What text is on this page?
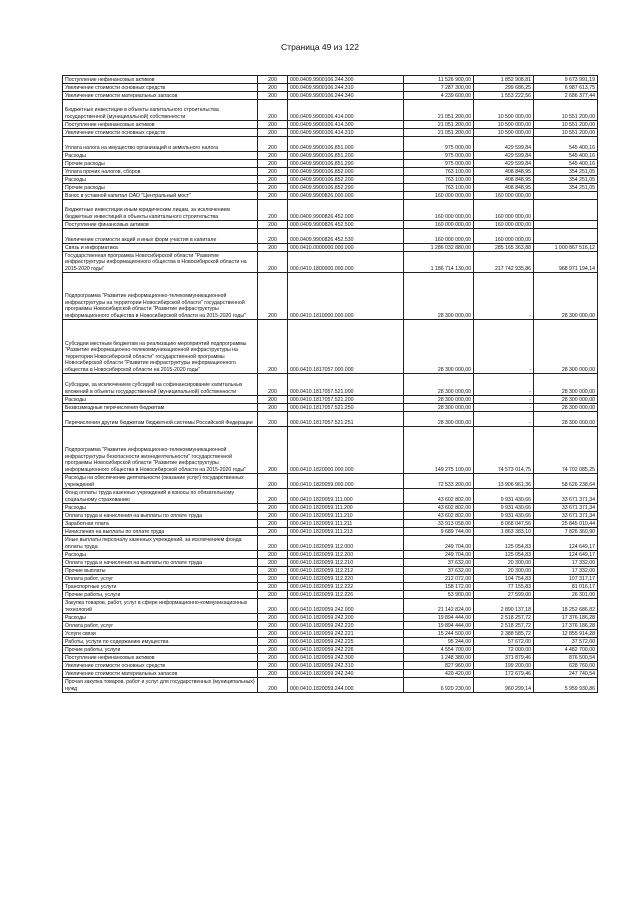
Страница 49 из 122
Поступление нефинансовых активов	200	000.0409.9900106.244.300	11 526 900,00	1 852 908,81	9 673 991,19
Увеличение стоимости основных средств	200	000.0409.9900106.244.310	7 287 300,00	299 686,25	6 987 613,75
Увеличение стоимости материальных запасов	200	000.0409.9900106.244.340	4 239 600,00	1 553 222,56	2 686 377,44
Бюджетные инвестиции в объекты капитального строительства государственной (муниципальной) собственности	200	000.0409.9900106.414.000	21 051 200,00	10 500 000,00	10 551 200,00
Поступление нефинансовых активов	200	000.0409.9900106.414.300	21 051 200,00	10 500 000,00	10 551 200,00
Увеличение стоимости основных средств	200	000.0409.9900106.414.310	21 051 200,00	10 500 000,00	10 551 200,00
Уплата налога на имущество организаций и земельного налога	200	000.0409.9900106.851.000	975 000,00	429 599,84	545 400,16
Расходы	200	000.0409.9900106.851.200	975 000,00	429 599,84	545 400,16
Прочие расходы	200	000.0409.9900106.851.290	975 000,00	429 599,84	545 400,16
Уплата прочих налогов, сборов	200	000.0409.9900106.852.000	763 100,00	408 848,95	354 251,05
Расходы	200	000.0409.9900106.852.200	763 100,00	408 848,95	354 251,05
Прочие расходы	200	000.0409.9900106.852.290	763 100,00	408 848,95	354 251,05
Взнос в уставной капитал ОАО "Центральный мост"	200	000.0409.9900826.000.000	160 000 000,00	160 000 000,00	
Бюджетные инвестиции иным юридическим лицам, за исключением бюджетных инвестиций в объекты капитального строительства	200	000.0409.9900826.452.000	160 000 000,00	160 000 000,00	
Поступление финансовых активов	200	000.0409.9900826.452.500	160 000 000,00	160 000 000,00	
Увеличение стоимости акций и иных форм участия в капитале	200	000.0409.9900826.452.530	160 000 000,00	160 000 000,00	
Связь и информатика	200	000.0410.0000000.000.000	1 286 032 880,00	285 165 363,88	1 000 867 516,12
Государственная программа Новосибирской области "Развитие инфраструктуры информационного общества в Новосибирской области на 2015-2020 годы"	200	000.0410.1800000.000.000	1 186 714 130,00	217 742 935,86	968 971 194,14
Подпрограмма "Развитие информационно-телекоммуникационной инфраструктуры на территории Новосибирской области" государственной программы Новосибирской области "Развитие инфраструктуры информационного общества в Новосибирской области на 2015-2020 годы"	200	000.0410.1810000.000.000	28 300 000,00	-	28 300 000,00
Субсидии местным бюджетам на реализацию мероприятий подпрограммы "Развитие информационно-телекоммуникационной инфраструктуры на территории Новосибирской области" государственной программы Новосибирской области "Развитие инфраструктуры информационного общества в Новосибирской области на 2015-2020 годы"	200	000.0410.1817057.000.000	28 300 000,00	-	28 300 000,00
Субсидии, за исключением субсидий на софинансирование капитальных вложений в объекты государственной (муниципальной) собственности	200	000.0410.1817057.521.000	28 300 000,00	-	28 300 000,00
Расходы	200	000.0410.1817057.521.200	28 300 000,00	-	28 300 000,00
Безвозмездные перечисления бюджетам	200	000.0410.1817057.521.250	28 300 000,00	-	28 300 000,00
Перечисления другим бюджетам бюджетной системы Российской Федерации	200	000.0410.1817057.521.251	28 300 000,00	-	28 300 000,00
Подпрограмма "Развитие информационно-телекоммуникационной инфраструктуры безопасности жизнедеятельности" государственной программы Новосибирской области "Развитие инфраструктуры информационного общества в Новосибирской области на 2015-2020 годы"	200	000.0410.1820000.000.000	149 275 100,00	74 573 014,75	74 702 085,25
Расходы на обеспечение деятельности (оказание услуг) государственных учреждений	200	000.0410.1820059.000.000	72 533 200,00	13 906 961,36	58 626 238,64
Фонд оплаты труда казенных учреждений и взносы по обязательному социальному страхованию	200	000.0410.1820059.111.000	43 602 802,00	9 931 430,66	33 671 371,34
Расходы	200	000.0410.1820059.111.200	43 602 802,00	9 931 430,66	33 671 371,34
Оплата труда и начисления на выплаты по оплате труда	200	000.0410.1820059.111.210	43 602 802,00	9 931 430,66	33 671 371,34
Заработная плата	200	000.0410.1820059.111.211	33 913 058,00	8 068 047,56	25 845 010,44
Начисления на выплаты по оплате труда	200	000.0410.1820059.111.213	9 689 744,00	1 863 383,10	7 826 360,90
Иные выплаты персоналу казенных учреждений, за исключением фонда оплаты труда	200	000.0410.1820059.112.000	249 704,00	125 054,83	124 649,17
Расходы	200	000.0410.1820059.112.200	249 704,00	125 054,83	124 649,17
Оплата труда и начисления на выплаты по оплате труда	200	000.0410.1820059.112.210	37 632,00	20 300,00	17 332,00
Прочие выплаты	200	000.0410.1820059.112.212	37 632,00	20 300,00	17 332,00
Оплата работ, услуг	200	000.0410.1820059.112.220	212 072,00	104 754,83	107 317,17
Транспортные услуги	200	000.0410.1820059.112.222	158 172,00	77 155,83	81 016,17
Прочие работы, услуги	200	000.0410.1820059.112.226	53 900,00	27 599,00	26 301,00
Закупка товаров, работ, услуг в сфере информационно-коммуникационных технологий	200	000.0410.1820059.242.000	21 142 824,00	2 890 137,18	18 252 686,82
Расходы	200	000.0410.1820059.242.200	19 894 444,00	2 518 257,72	17 376 186,28
Оплата работ, услуг	200	000.0410.1820059.242.220	19 894 444,00	2 518 257,72	17 376 186,28
Услуги связи	200	000.0410.1820059.242.221	15 244 500,00	2 388 585,72	12 855 914,28
Работы, услуги по содержанию имущества	200	000.0410.1820059.242.225	95 244,00	57 672,00	37 572,00
Прочие работы, услуги	200	000.0410.1820059.242.226	4 554 700,00	72 000,00	4 482 700,00
Поступление нефинансовых активов	200	000.0410.1820059.242.300	1 248 380,00	371 879,46	876 500,54
Увеличение стоимости основных средств	200	000.0410.1820059.242.310	827 960,00	199 200,00	628 760,00
Увеличение стоимости материальных запасов	200	000.0410.1820059.242.340	420 420,00	172 679,46	247 740,54
Прочая закупка товаров, работ и услуг для государственных (муниципальных) нужд	200	000.0410.1820059.244.000	6 920 230,00	960 299,14	5 959 930,86
